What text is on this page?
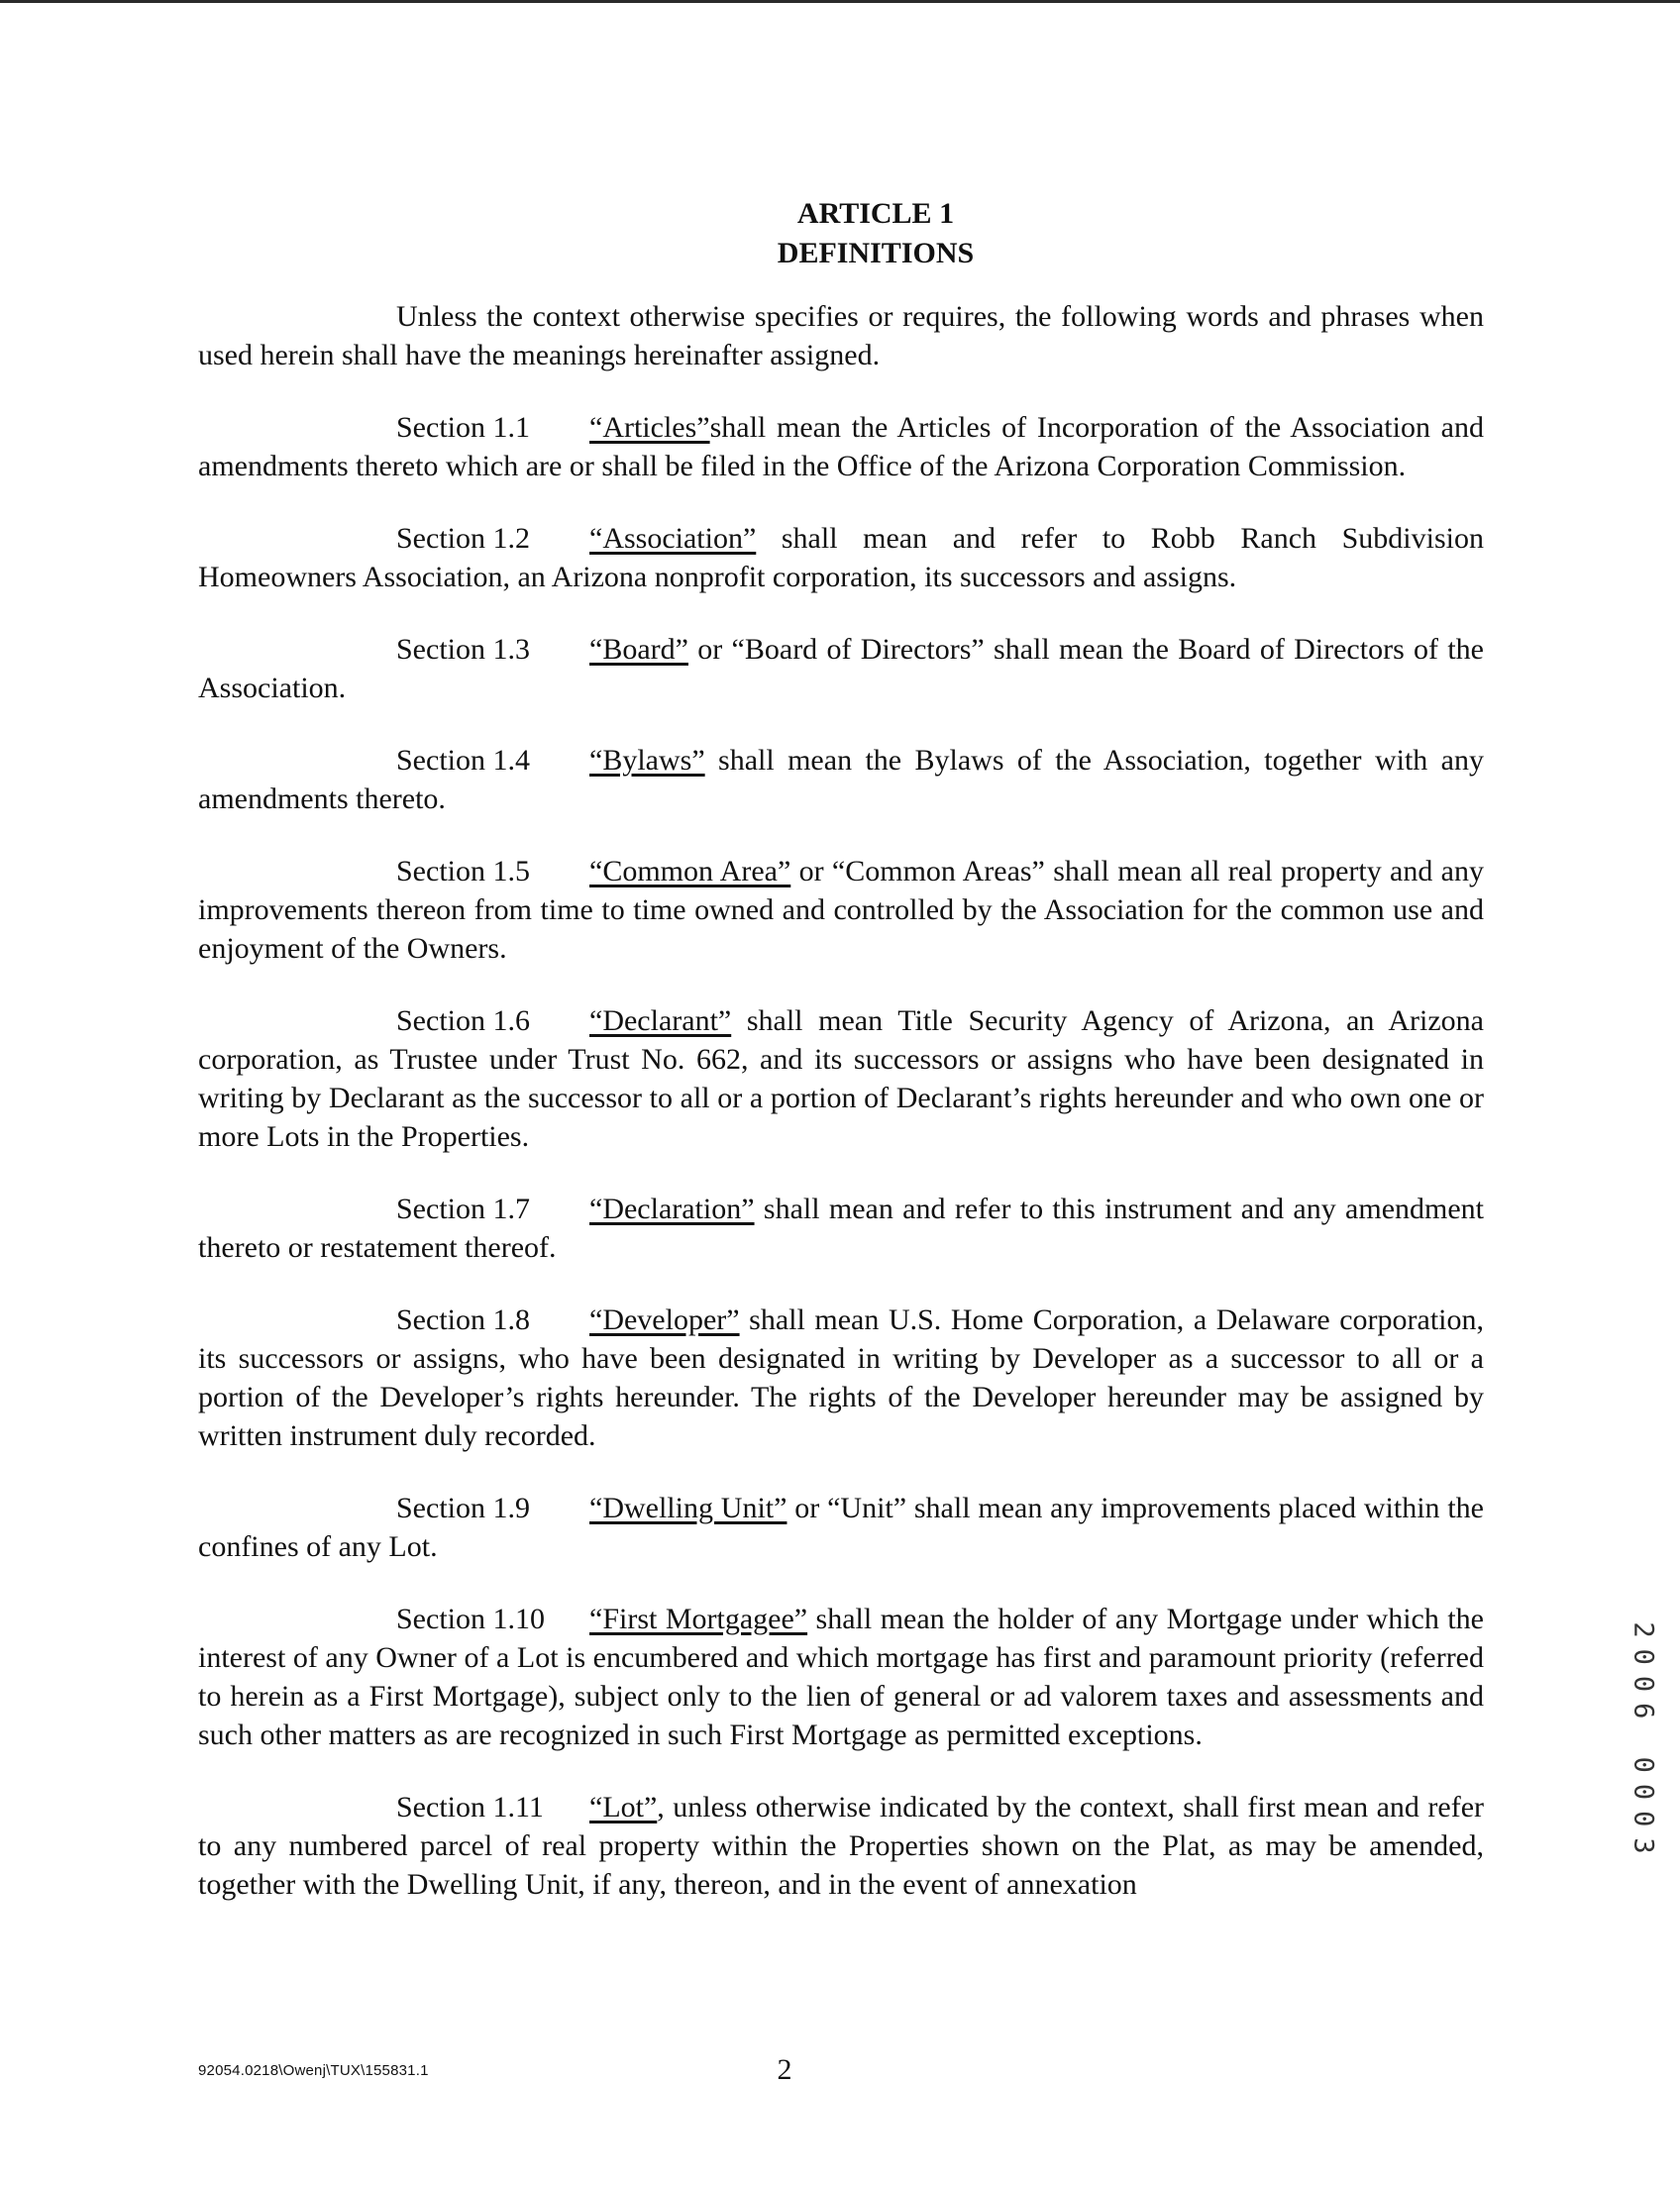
ARTICLE 1
DEFINITIONS

Unless the context otherwise specifies or requires, the following words and phrases when used herein shall have the meanings hereinafter assigned.

Section 1.1 “Articles”shall mean the Articles of Incorporation of the Association and amendments thereto which are or shall be filed in the Office of the Arizona Corporation Commission.

Section 1.2 “Association” shall mean and refer to Robb Ranch Subdivision Homeowners Association, an Arizona nonprofit corporation, its successors and assigns.

Section 1.3 “Board” or “Board of Directors” shall mean the Board of Directors of the Association.

Section 1.4 “Bylaws” shall mean the Bylaws of the Association, together with any amendments thereto.

Section 1.5 “Common Area” or “Common Areas” shall mean all real property and any improvements thereon from time to time owned and controlled by the Association for the common use and enjoyment of the Owners.

Section 1.6 “Declarant” shall mean Title Security Agency of Arizona, an Arizona corporation, as Trustee under Trust No. 662, and its successors or assigns who have been designated in writing by Declarant as the successor to all or a portion of Declarant’s rights hereunder and who own one or more Lots in the Properties.

Section 1.7 “Declaration” shall mean and refer to this instrument and any amendment thereto or restatement thereof.

Section 1.8 “Developer” shall mean U.S. Home Corporation, a Delaware corporation, its successors or assigns, who have been designated in writing by Developer as a successor to all or a portion of the Developer’s rights hereunder. The rights of the Developer hereunder may be assigned by written instrument duly recorded.

Section 1.9 “Dwelling Unit” or “Unit” shall mean any improvements placed within the confines of any Lot.

Section 1.10 “First Mortgagee” shall mean the holder of any Mortgage under which the interest of any Owner of a Lot is encumbered and which mortgage has first and paramount priority (referred to herein as a First Mortgage), subject only to the lien of general or ad valorem taxes and assessments and such other matters as are recognized in such First Mortgage as permitted exceptions.

Section 1.11 “Lot”, unless otherwise indicated by the context, shall first mean and refer to any numbered parcel of real property within the Properties shown on the Plat, as may be amended, together with the Dwelling Unit, if any, thereon, and in the event of annexation

2006 0003
92054.0218\Owenj\TUX\155831.1	2
